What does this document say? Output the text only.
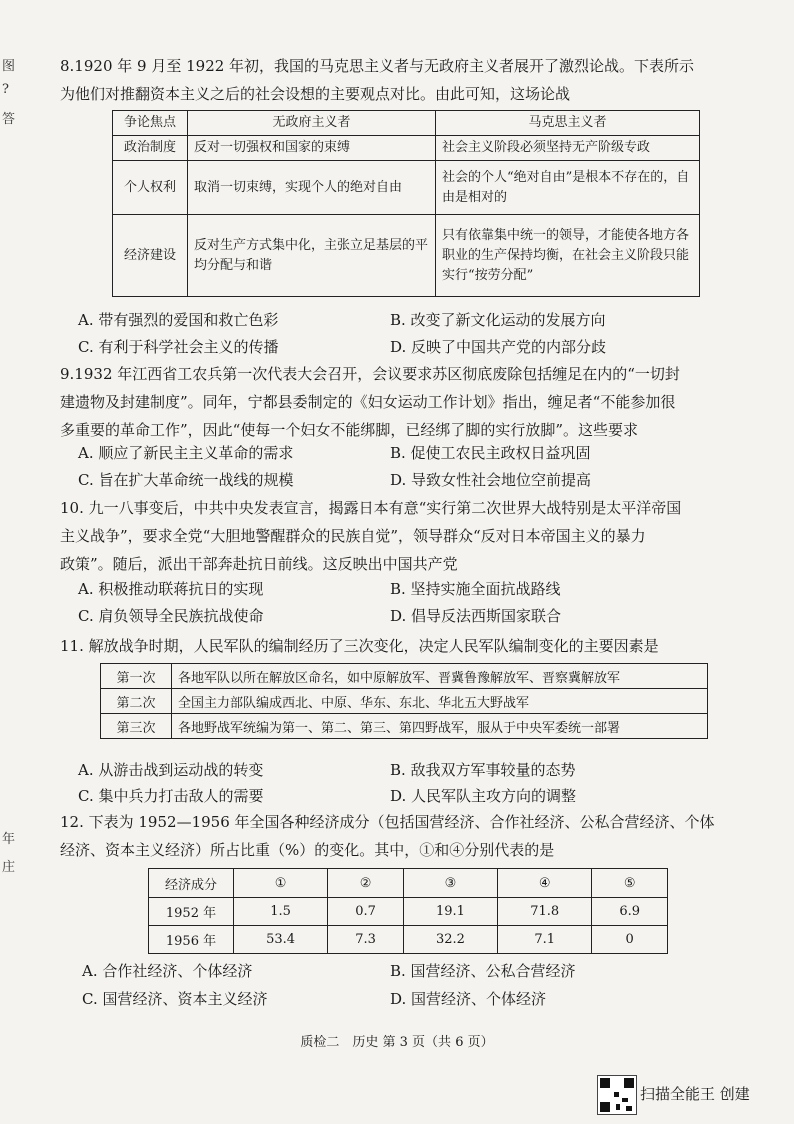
图
?
答
年
庄

8.1920 年 9 月至 1922 年初，我国的马克思主义者与无政府主义者展开了激烈论战。下表所示

为他们对推翻资本主义之后的社会设想的主要观点对比。由此可知，这场论战

争论焦点	无政府主义者	马克思主义者
政治制度	反对一切强权和国家的束缚	社会主义阶段必须坚持无产阶级专政
个人权利	取消一切束缚，实现个人的绝对自由	社会的个人“绝对自由”是根本不存在的，自由是相对的
经济建设	反对生产方式集中化，主张立足基层的平均分配与和谐	只有依靠集中统一的领导，才能使各地方各职业的生产保持均衡，在社会主义阶段只能实行“按劳分配”
A. 带有强烈的爱国和救亡色彩	B. 改变了新文化运动的发展方向
C. 有利于科学社会主义的传播	D. 反映了中国共产党的内部分歧

9.1932 年江西省工农兵第一次代表大会召开，会议要求苏区彻底废除包括缠足在内的“一切封

建遗物及封建制度”。同年，宁都县委制定的《妇女运动工作计划》指出，缠足者“不能参加很

多重要的革命工作”，因此“使每一个妇女不能绑脚，已经绑了脚的实行放脚”。这些要求

A. 顺应了新民主主义革命的需求	B. 促使工农民主政权日益巩固
C. 旨在扩大革命统一战线的规模	D. 导致女性社会地位空前提高

10. 九一八事变后，中共中央发表宣言，揭露日本有意“实行第二次世界大战特别是太平洋帝国

主义战争”，要求全党“大胆地警醒群众的民族自觉”，领导群众“反对日本帝国主义的暴力

政策”。随后，派出干部奔赴抗日前线。这反映出中国共产党

A. 积极推动联蒋抗日的实现	B. 坚持实施全面抗战路线
C. 肩负领导全民族抗战使命	D. 倡导反法西斯国家联合

11. 解放战争时期，人民军队的编制经历了三次变化，决定人民军队编制变化的主要因素是

第一次	各地军队以所在解放区命名，如中原解放军、晋冀鲁豫解放军、晋察冀解放军
第二次	全国主力部队编成西北、中原、华东、东北、华北五大野战军
第三次	各地野战军统编为第一、第二、第三、第四野战军，服从于中央军委统一部署
A. 从游击战到运动战的转变	B. 敌我双方军事较量的态势
C. 集中兵力打击敌人的需要	D. 人民军队主攻方向的调整

12. 下表为 1952—1956 年全国各种经济成分（包括国营经济、合作社经济、公私合营经济、个体

经济、资本主义经济）所占比重（%）的变化。其中，①和④分别代表的是

经济成分	①	②	③	④	⑤
1952 年	1.5	0.7	19.1	71.8	6.9
1956 年	53.4	7.3	32.2	7.1	0
A. 合作社经济、个体经济	B. 国营经济、公私合营经济
C. 国营经济、资本主义经济	D. 国营经济、个体经济
质检二　历史 第 3 页（共 6 页）
扫描全能王 创建
